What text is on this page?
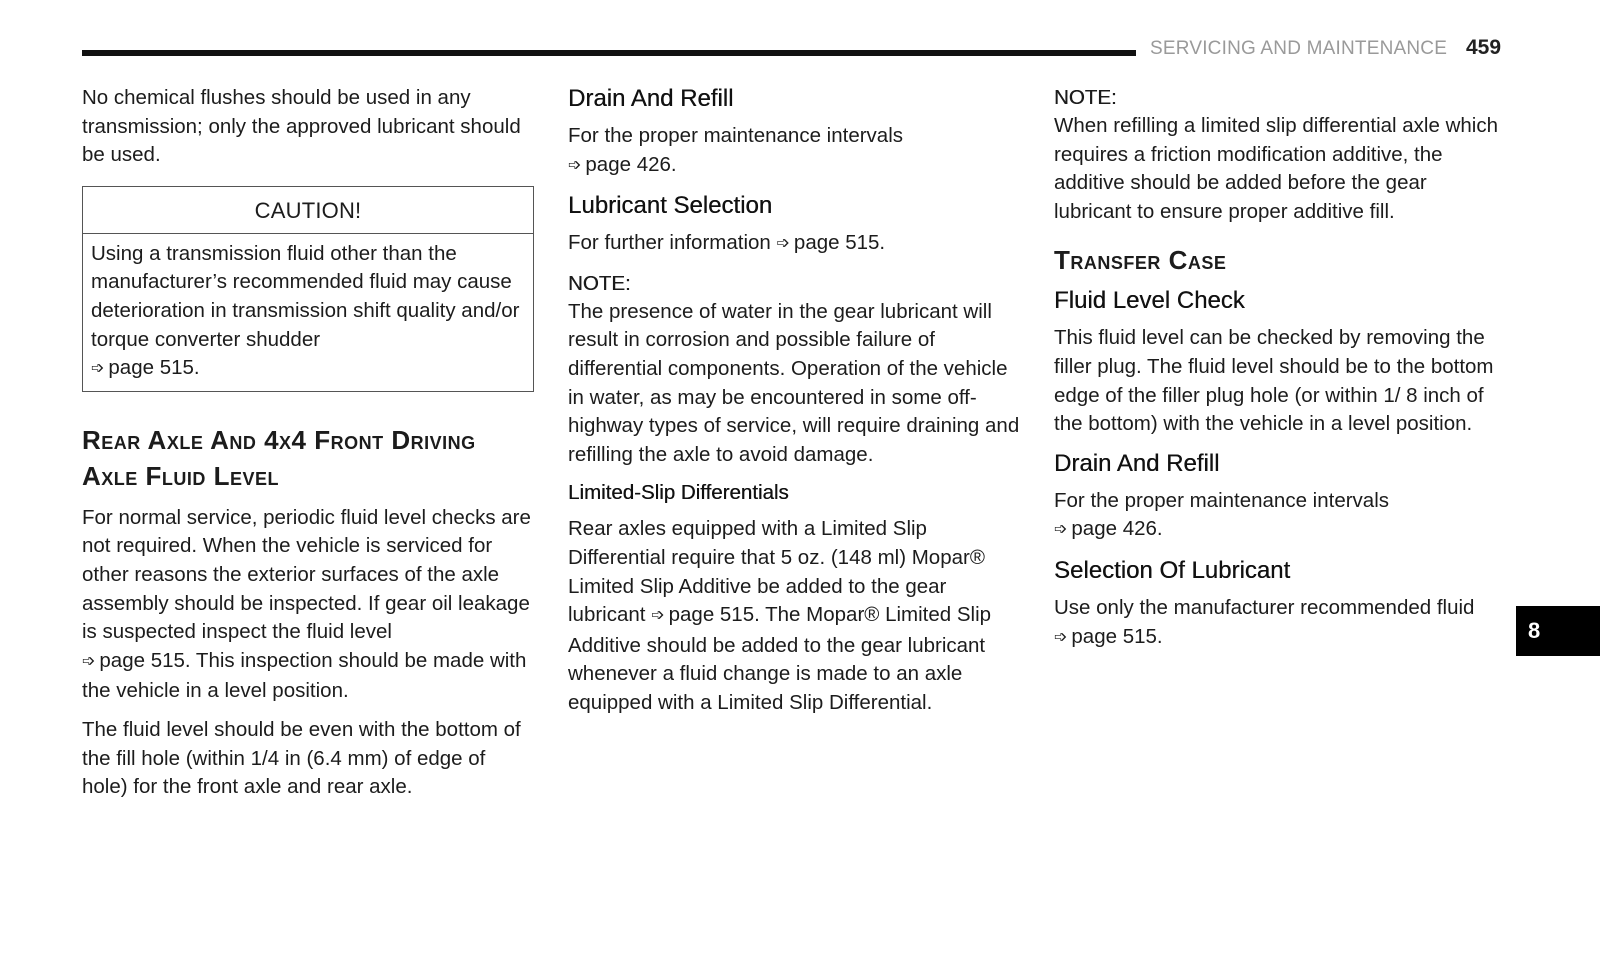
SERVICING AND MAINTENANCE 459

No chemical flushes should be used in any transmission; only the approved lubricant should be used.

CAUTION!

Using a transmission fluid other than the manufacturer’s recommended fluid may cause deterioration in transmission shift quality and/or torque converter shudder
➩ page 515.

Rear Axle And 4x4 Front Driving Axle Fluid Level

For normal service, periodic fluid level checks are not required. When the vehicle is serviced for other reasons the exterior surfaces of the axle assembly should be inspected. If gear oil leakage is suspected inspect the fluid level
➩ page 515. This inspection should be made with the vehicle in a level position.

The fluid level should be even with the bottom of the fill hole (within 1/4 in (6.4 mm) of edge of hole) for the front axle and rear axle.

Drain And Refill

For the proper maintenance intervals
➩ page 426.

Lubricant Selection

For further information ➩ page 515.

NOTE:

The presence of water in the gear lubricant will result in corrosion and possible failure of differential components. Operation of the vehicle in water, as may be encountered in some off-highway types of service, will require draining and refilling the axle to avoid damage.

Limited-Slip Differentials

Rear axles equipped with a Limited Slip Differential require that 5 oz. (148 ml) Mopar® Limited Slip Additive be added to the gear lubricant ➩ page 515. The Mopar® Limited Slip Additive should be added to the gear lubricant whenever a fluid change is made to an axle equipped with a Limited Slip Differential.

NOTE:

When refilling a limited slip differential axle which requires a friction modification additive, the additive should be added before the gear lubricant to ensure proper additive fill.

Transfer Case
Fluid Level Check

This fluid level can be checked by removing the filler plug. The fluid level should be to the bottom edge of the filler plug hole (or within 1/ 8 inch of the bottom) with the vehicle in a level position.

Drain And Refill

For the proper maintenance intervals
➩ page 426.

Selection Of Lubricant

Use only the manufacturer recommended fluid
➩ page 515.	8
